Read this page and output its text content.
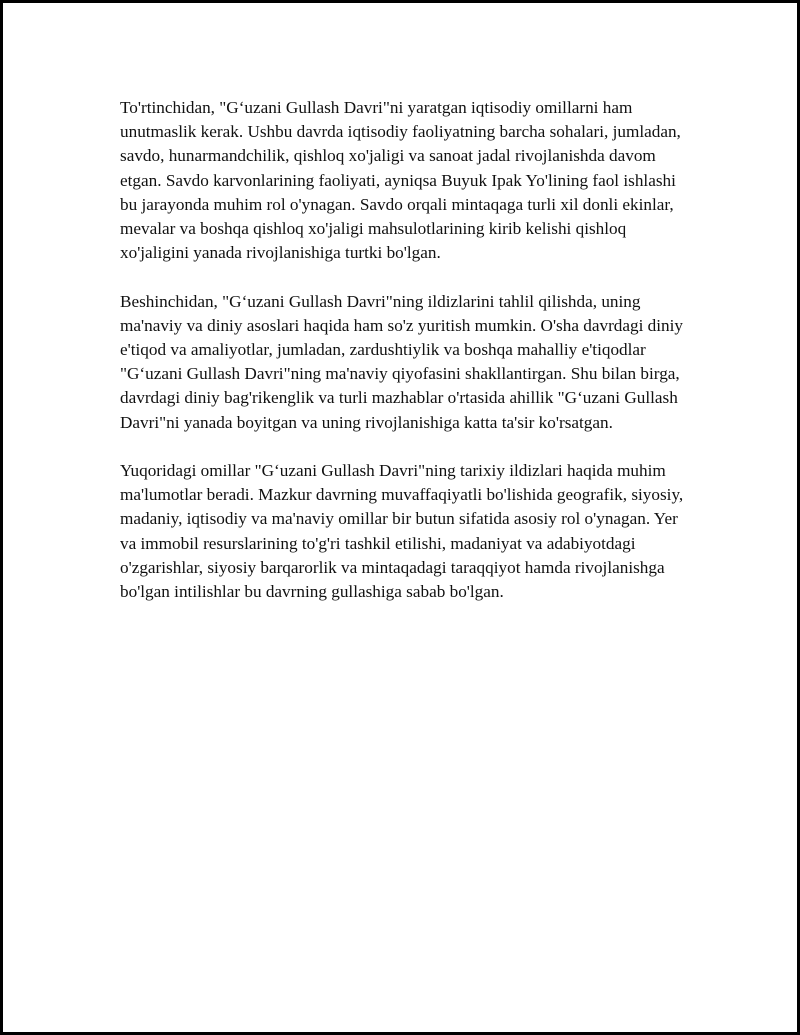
To'rtinchidan, "G‘uzani Gullash Davri"ni yaratgan iqtisodiy omillarni ham unutmaslik kerak. Ushbu davrda iqtisodiy faoliyatning barcha sohalari, jumladan, savdo, hunarmandchilik, qishloq xo'jaligi va sanoat jadal rivojlanishda davom etgan. Savdo karvonlarining faoliyati, ayniqsa Buyuk Ipak Yo'lining faol ishlashi bu jarayonda muhim rol o'ynagan. Savdo orqali mintaqaga turli xil donli ekinlar, mevalar va boshqa qishloq xo'jaligi mahsulotlarining kirib kelishi qishloq xo'jaligini yanada rivojlanishiga turtki bo'lgan.

Beshinchidan, "G‘uzani Gullash Davri"ning ildizlarini tahlil qilishda, uning ma'naviy va diniy asoslari haqida ham so'z yuritish mumkin. O'sha davrdagi diniy e'tiqod va amaliyotlar, jumladan, zardushtiylik va boshqa mahalliy e'tiqodlar "G‘uzani Gullash Davri"ning ma'naviy qiyofasini shakllantirgan. Shu bilan birga, davrdagi diniy bag'rikenglik va turli mazhablar o'rtasida ahillik "G‘uzani Gullash Davri"ni yanada boyitgan va uning rivojlanishiga katta ta'sir ko'rsatgan.

Yuqoridagi omillar "G‘uzani Gullash Davri"ning tarixiy ildizlari haqida muhim ma'lumotlar beradi. Mazkur davrning muvaffaqiyatli bo'lishida geografik, siyosiy, madaniy, iqtisodiy va ma'naviy omillar bir butun sifatida asosiy rol o'ynagan. Yer va immobil resurslarining to'g'ri tashkil etilishi, madaniyat va adabiyotdagi o'zgarishlar, siyosiy barqarorlik va mintaqadagi taraqqiyot hamda rivojlanishga bo'lgan intilishlar bu davrning gullashiga sabab bo'lgan.
